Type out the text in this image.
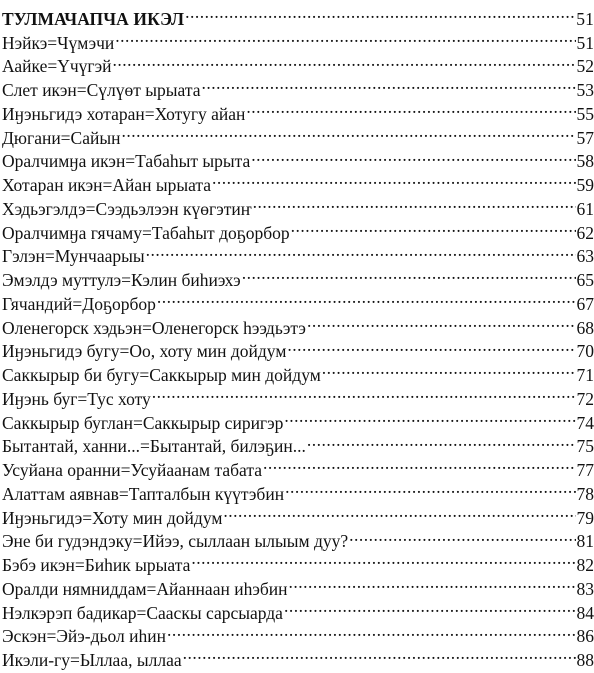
ТУЛМАЧАПЧА ИКЭЛ .....	51
Нэйкэ=Чүмэчи .....	51
Аайке=Үчүгэй .....	52
Слет икэн=Сүлүөт ырыата .....	53
Иӈэньгидэ хотаран=Хотугу айан .....	55
Дюгани=Сайын .....	57
Оралчимӈа икэн=Табаһыт ырыта .....	58
Хотаран икэн=Айан ырыата .....	59
Хэдьэгэлдэ=Сээдьэлээн күөгэтиҥ .....	61
Оралчимӈа гячаму=Табаһыт доҕорбор .....	62
Гэлэн=Мунчаарыы .....	63
Эмэлдэ муттулэ=Кэлин биһиэхэ .....	65
Гячандий=Доҕорбор .....	67
Оленегорск хэдьэн=Оленегорск һээдьэтэ .....	68
Иӈэньгидэ бугу=Оо, хоту мин дойдум .....	70
Саккырыр би бугу=Саккырыр мин дойдум .....	71
Иӈэнь буг=Тус хоту .....	72
Саккырыр буглан=Саккырыр сиригэр .....	74
Бытантай, ханни...=Бытантай, билэҕин... .....	75
Усуйана оранни=Усуйаанам табата .....	77
Алаттам аявнав=Тапталбын күүтэбин .....	78
Иӈэньгидэ=Хоту мин дойдум .....	79
Эне би гудэндэку=Ийээ, сыллаан ылыым дуу? .....	81
Бэбэ икэн=Биһик ырыата .....	82
Оралди нямниддам=Айаннаан иһэбин .....	83
Нэлкэрэп бадикар=Сааскы сарсыарда .....	84
Эскэн=Эйэ-дьол иһин .....	86
Икэли-гу=Ыллаа, ыллаа .....	88
